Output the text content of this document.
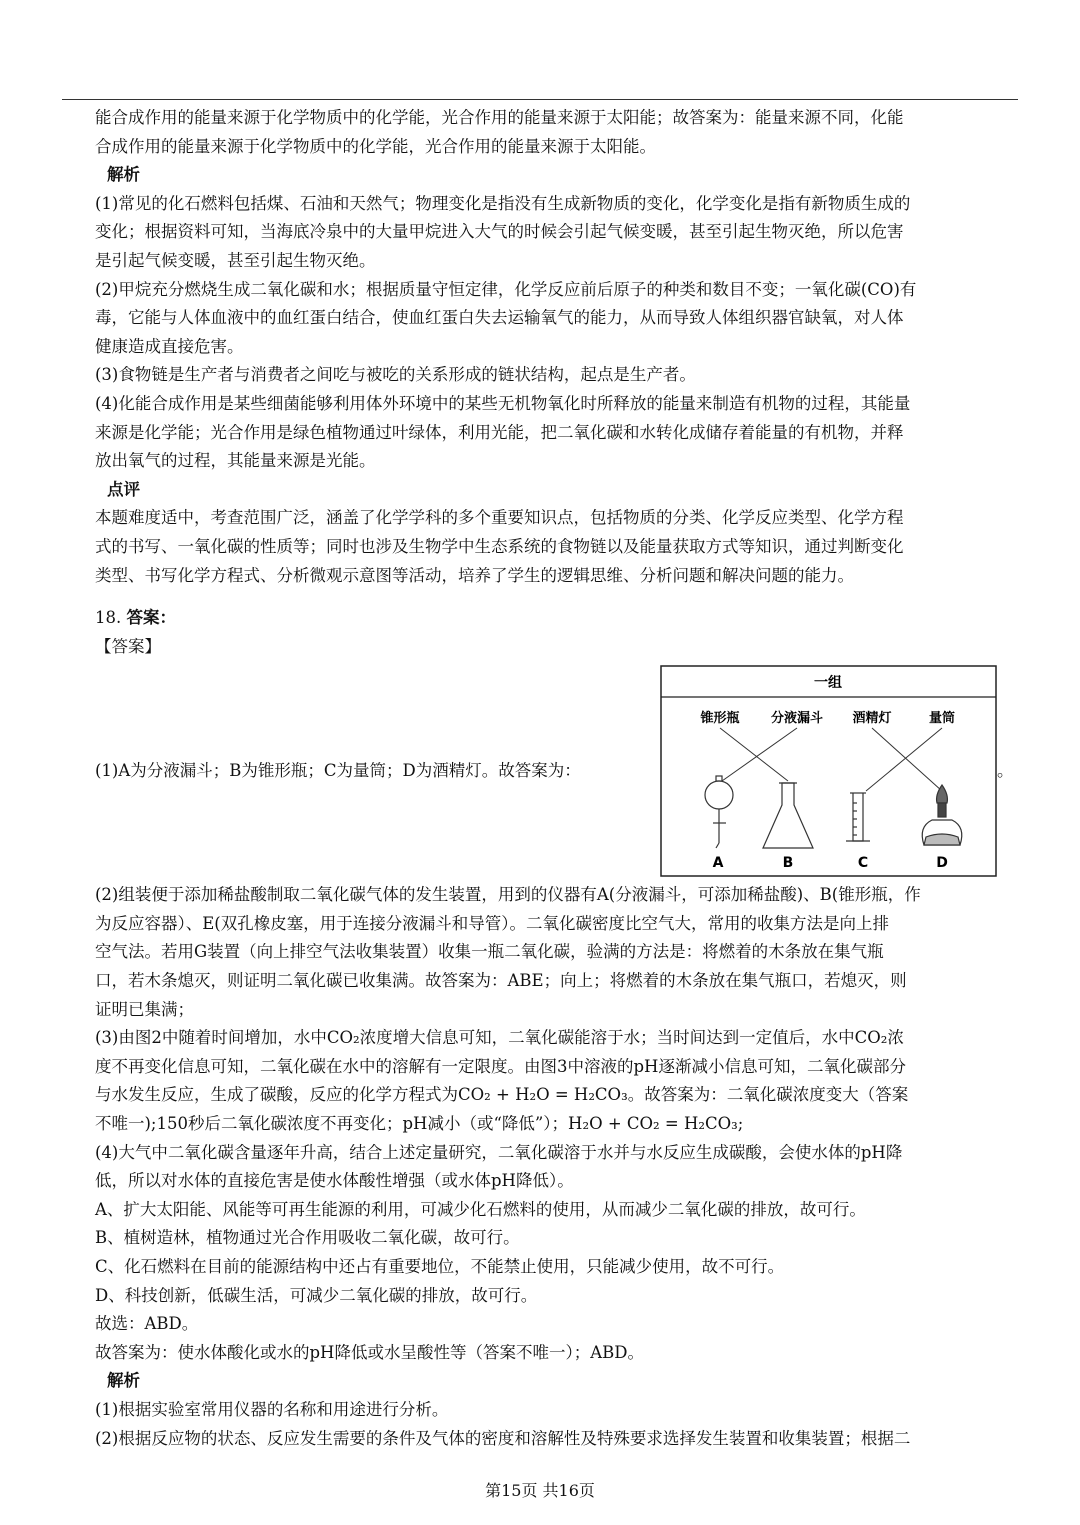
能合成作用的能量来源于化学物质中的化学能，光合作用的能量来源于太阳能；故答案为：能量来源不同，化能
合成作用的能量来源于化学物质中的化学能，光合作用的能量来源于太阳能。
解析
(1)常见的化石燃料包括煤、石油和天然气；物理变化是指没有生成新物质的变化，化学变化是指有新物质生成的
变化；根据资料可知，当海底冷泉中的大量甲烷进入大气的时候会引起气候变暖，甚至引起生物灭绝，所以危害
是引起气候变暖，甚至引起生物灭绝。
(2)甲烷充分燃烧生成二氧化碳和水；根据质量守恒定律，化学反应前后原子的种类和数目不变；一氧化碳(CO)有
毒，它能与人体血液中的血红蛋白结合，使血红蛋白失去运输氧气的能力，从而导致人体组织器官缺氧，对人体
健康造成直接危害。
(3)食物链是生产者与消费者之间吃与被吃的关系形成的链状结构，起点是生产者。
(4)化能合成作用是某些细菌能够利用体外环境中的某些无机物氧化时所释放的能量来制造有机物的过程，其能量
来源是化学能；光合作用是绿色植物通过叶绿体，利用光能，把二氧化碳和水转化成储存着能量的有机物，并释
放出氧气的过程，其能量来源是光能。
点评
本题难度适中，考查范围广泛，涵盖了化学学科的多个重要知识点，包括物质的分类、化学反应类型、化学方程
式的书写、一氧化碳的性质等；同时也涉及生物学中生态系统的食物链以及能量获取方式等知识，通过判断变化
类型、书写化学方程式、分析微观示意图等活动，培养了学生的逻辑思维、分析问题和解决问题的能力。
18. 答案：
【答案】
(1)A为分液漏斗；B为锥形瓶；C为量筒；D为酒精灯。故答案为：
一组
锥形瓶 分液漏斗 酒精灯	量筒
A	B	C	D
。
(2)组装便于添加稀盐酸制取二氧化碳气体的发生装置，用到的仪器有A(分液漏斗，可添加稀盐酸)、B(锥形瓶，作
为反应容器）、E(双孔橡皮塞，用于连接分液漏斗和导管）。二氧化碳密度比空气大，常用的收集方法是向上排
空气法。若用G装置（向上排空气法收集装置）收集一瓶二氧化碳，验满的方法是：将燃着的木条放在集气瓶
口，若木条熄灭，则证明二氧化碳已收集满。故答案为：ABE；向上；将燃着的木条放在集气瓶口，若熄灭，则
证明已集满；
(3)由图2中随着时间增加，水中CO₂浓度增大信息可知，二氧化碳能溶于水；当时间达到一定值后，水中CO₂浓
度不再变化信息可知，二氧化碳在水中的溶解有一定限度。由图3中溶液的pH逐渐减小信息可知，二氧化碳部分
与水发生反应，生成了碳酸，反应的化学方程式为CO₂ + H₂O = H₂CO₃。故答案为：二氧化碳浓度变大（答案
不唯一);150秒后二氧化碳浓度不再变化；pH减小（或“降低”）；H₂O + CO₂ = H₂CO₃;
(4)大气中二氧化碳含量逐年升高，结合上述定量研究，二氧化碳溶于水并与水反应生成碳酸，会使水体的pH降
低，所以对水体的直接危害是使水体酸性增强（或水体pH降低）。
A、扩大太阳能、风能等可再生能源的利用，可减少化石燃料的使用，从而减少二氧化碳的排放，故可行。
B、植树造林，植物通过光合作用吸收二氧化碳，故可行。
C、化石燃料在目前的能源结构中还占有重要地位，不能禁止使用，只能减少使用，故不可行。
D、科技创新，低碳生活，可减少二氧化碳的排放，故可行。
故选：ABD。
故答案为：使水体酸化或水的pH降低或水呈酸性等（答案不唯一）；ABD。
解析
(1)根据实验室常用仪器的名称和用途进行分析。
(2)根据反应物的状态、反应发生需要的条件及气体的密度和溶解性及特殊要求选择发生装置和收集装置；根据二
第15页 共16页
